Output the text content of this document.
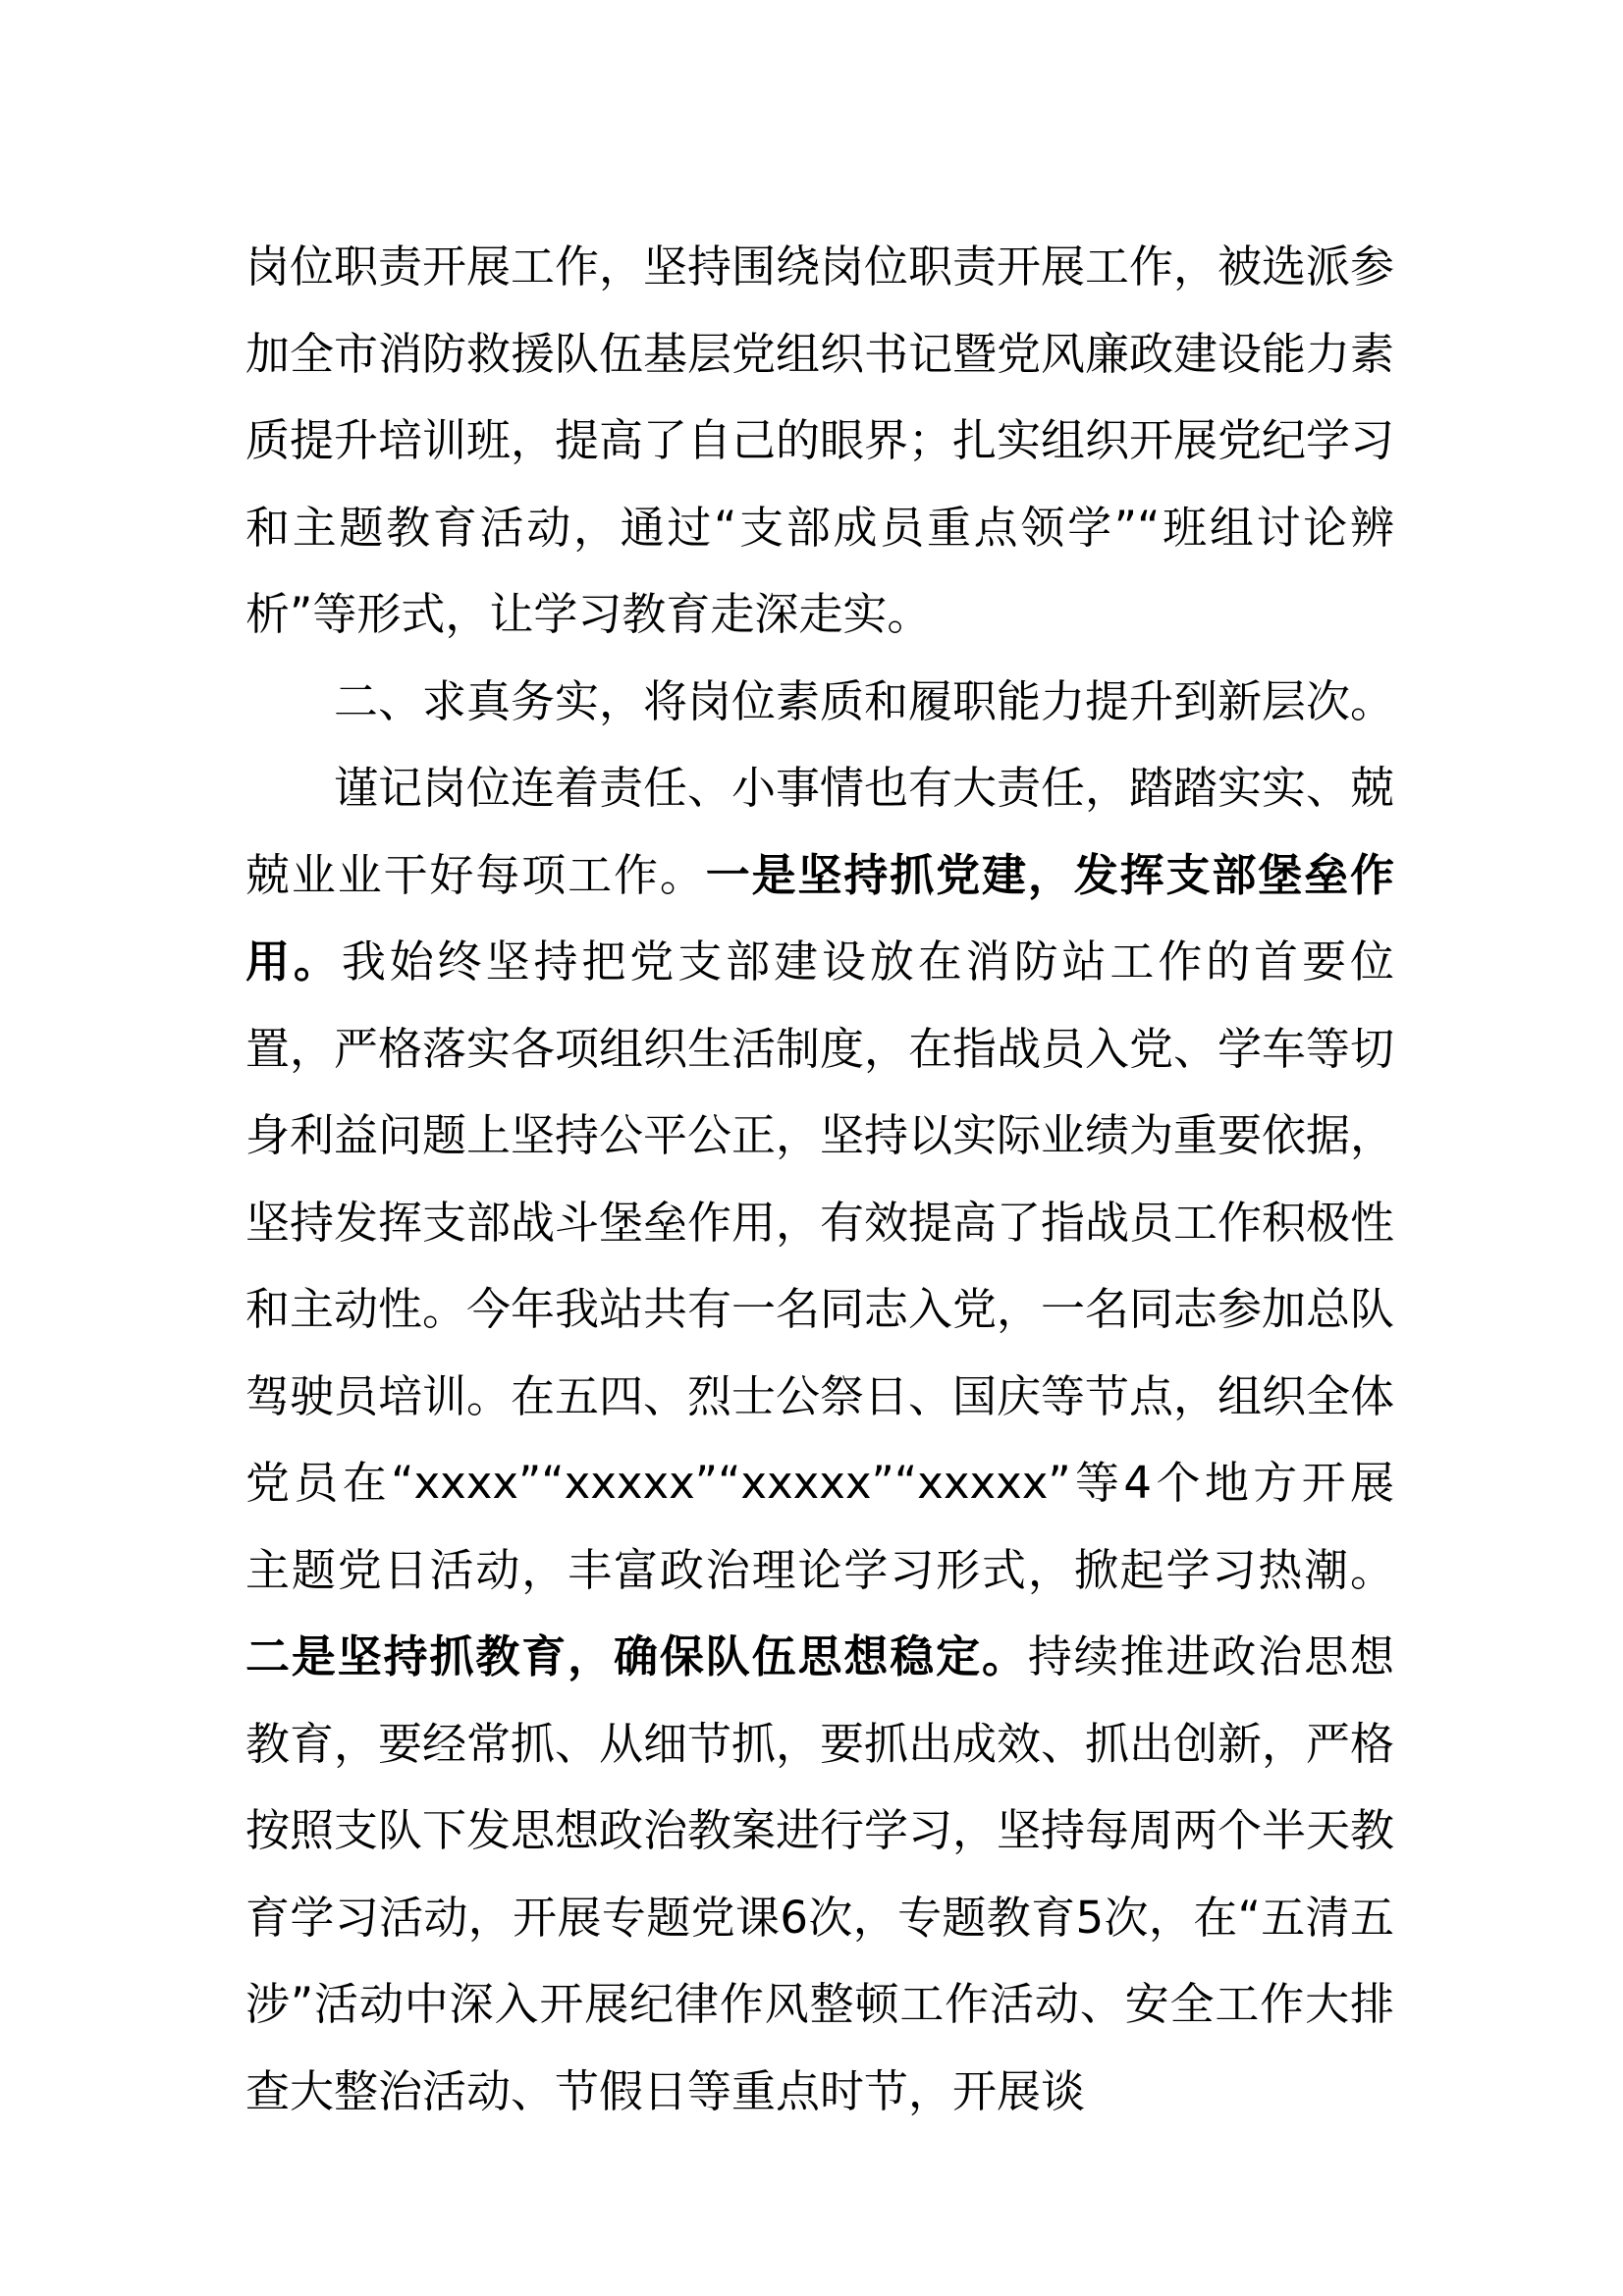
岗位职责开展工作，坚持围绕岗位职责开展工作，被选派参加全市消防救援队伍基层党组织书记暨党风廉政建设能力素质提升培训班，提高了自己的眼界；扎实组织开展党纪学习和主题教育活动，通过“支部成员重点领学”“班组讨论辨析”等形式，让学习教育走深走实。

二、求真务实，将岗位素质和履职能力提升到新层次。

谨记岗位连着责任、小事情也有大责任，踏踏实实、兢兢业业干好每项工作。一是坚持抓党建，发挥支部堡垒作用。我始终坚持把党支部建设放在消防站工作的首要位置，严格落实各项组织生活制度，在指战员入党、学车等切身利益问题上坚持公平公正，坚持以实际业绩为重要依据，坚持发挥支部战斗堡垒作用，有效提高了指战员工作积极性和主动性。今年我站共有一名同志入党，一名同志参加总队驾驶员培训。在五四、烈士公祭日、国庆等节点，组织全体党员在“xxxx”“xxxxx”“xxxxx”“xxxxx”等4个地方开展主题党日活动，丰富政治理论学习形式，掀起学习热潮。二是坚持抓教育，确保队伍思想稳定。持续推进政治思想教育，要经常抓、从细节抓，要抓出成效、抓出创新，严格按照支队下发思想政治教案进行学习，坚持每周两个半天教育学习活动，开展专题党课6次，专题教育5次，在“五清五涉”活动中深入开展纪律作风整顿工作活动、安全工作大排查大整治活动、节假日等重点时节，开展谈
